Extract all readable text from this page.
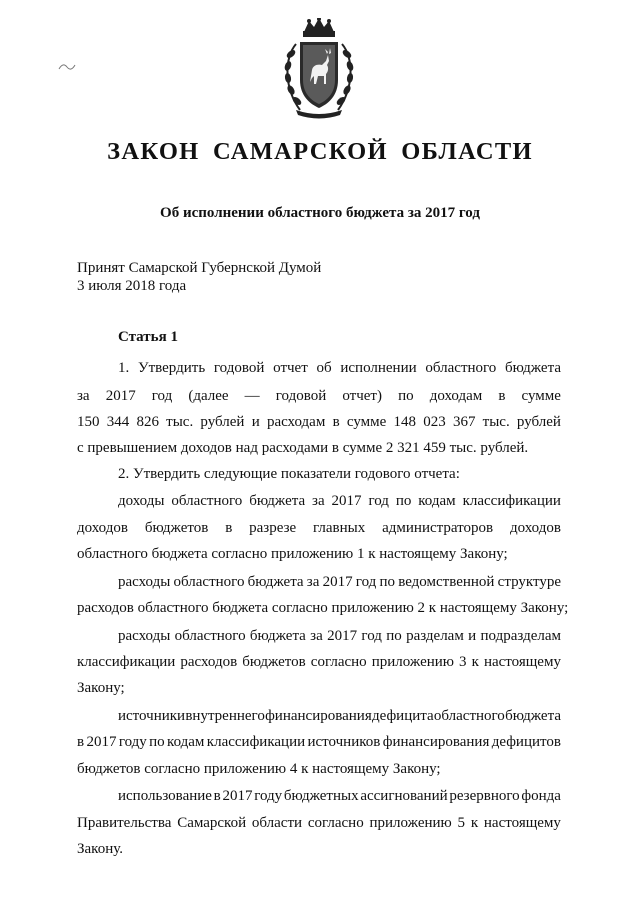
ЗАКОН САМАРСКОЙ ОБЛАСТИ
Об исполнении областного бюджета за 2017 год
Принят Самарской Губернской Думой
3 июля 2018 года
Статья 1
1. Утвердить годовой отчет об исполнении областного бюджета
за 2017 год (далее — годовой отчет) по доходам в сумме
150 344 826 тыс. рублей и расходам в сумме 148 023 367 тыс. рублей
с превышением доходов над расходами в сумме 2 321 459 тыс. рублей.
2. Утвердить следующие показатели годового отчета:
доходы областного бюджета за 2017 год по кодам классификации
доходов бюджетов в разрезе главных администраторов доходов
областного бюджета согласно приложению 1 к настоящему Закону;
расходы областного бюджета за 2017 год по ведомственной структуре
расходов областного бюджета согласно приложению 2 к настоящему Закону;
расходы областного бюджета за 2017 год по разделам и подразделам
классификации расходов бюджетов согласно приложению 3 к настоящему
Закону;
источники внутреннего финансирования дефицита областного бюджета
в 2017 году по кодам классификации источников финансирования дефицитов
бюджетов согласно приложению 4 к настоящему Закону;
использование в 2017 году бюджетных ассигнований резервного фонда
Правительства Самарской области согласно приложению 5 к настоящему
Закону.
